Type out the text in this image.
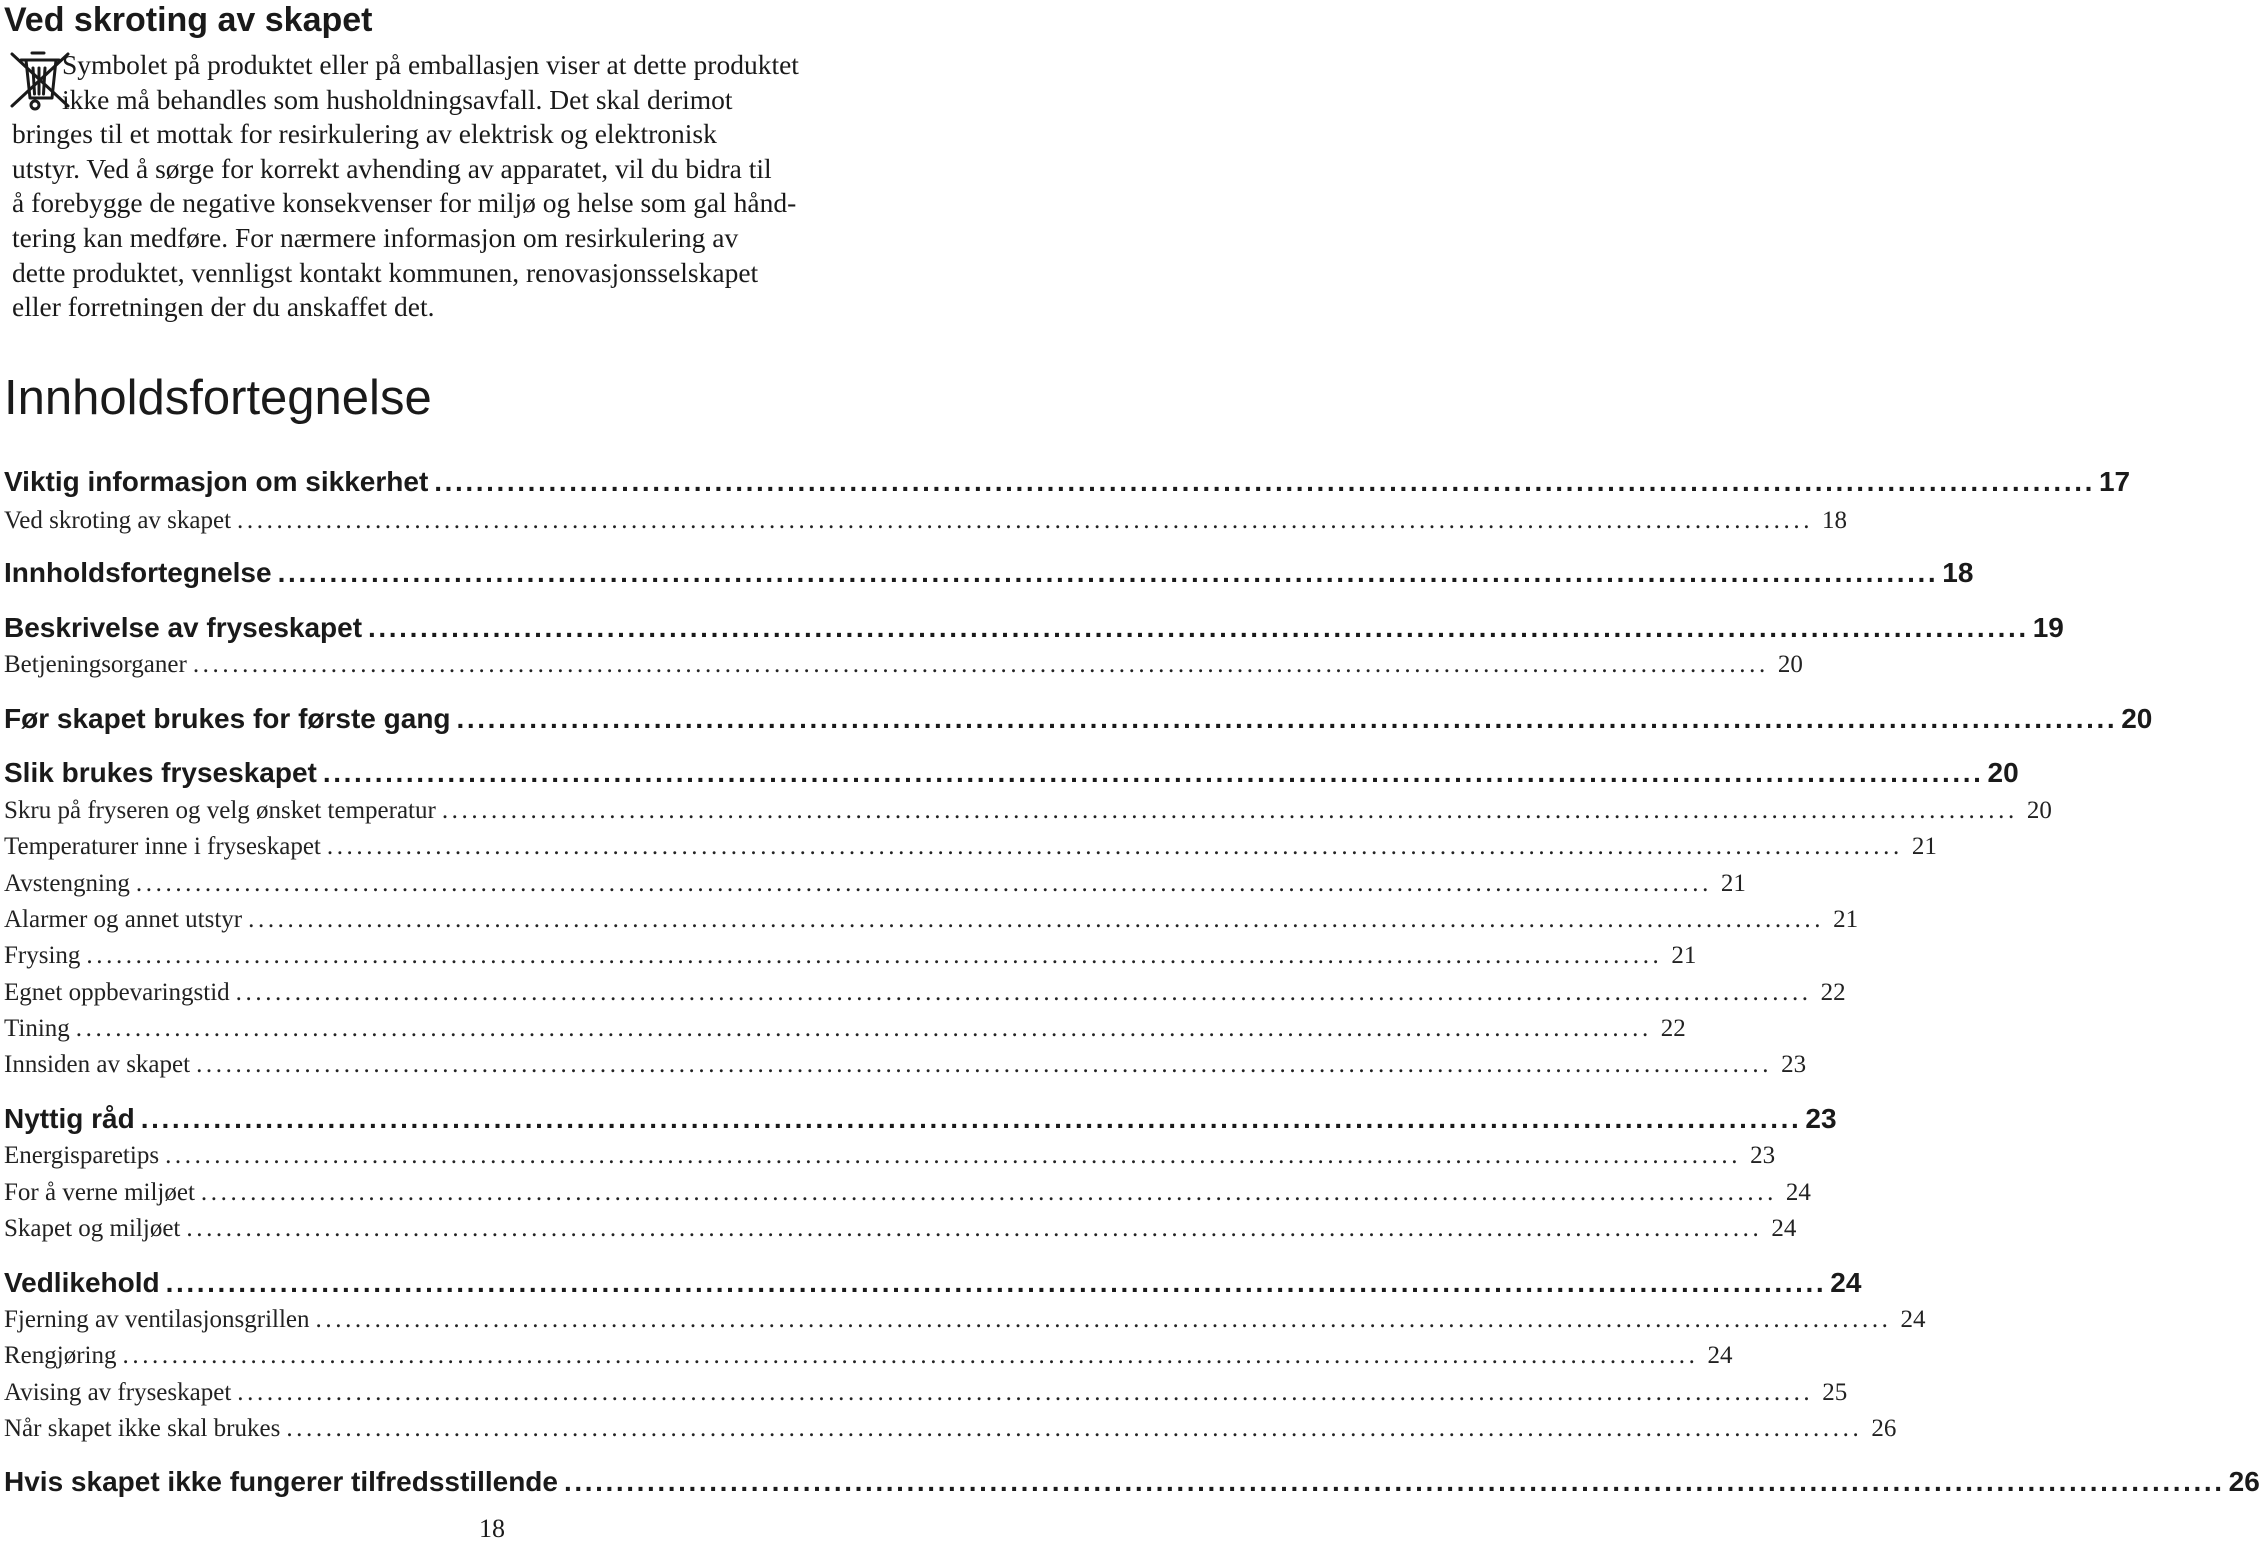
Ved skroting av skapet
Symbolet på produktet eller på emballasjen viser at dette produktet
ikke må behandles som husholdningsavfall. Det skal derimot
bringes til et mottak for resirkulering av elektrisk og elektronisk
utstyr. Ved å sørge for korrekt avhending av apparatet, vil du bidra til
å forebygge de negative konsekvenser for miljø og helse som gal hånd-
tering kan medføre. For nærmere informasjon om resirkulering av
dette produktet, vennligst kontakt kommunen, renovasjonsselskapet
eller forretningen der du anskaffet det.
Innholdsfortegnelse
Viktig informasjon om sikkerhet ................................................................................................................................................................ 17
Ved skroting av skapet ................................................................................................................................................................ 18
Innholdsfortegnelse ................................................................................................................................................................ 18
Beskrivelse av fryseskapet ................................................................................................................................................................ 19
Betjeningsorganer ................................................................................................................................................................ 20
Før skapet brukes for første gang ................................................................................................................................................................ 20
Slik brukes fryseskapet ................................................................................................................................................................ 20
Skru på fryseren og velg ønsket temperatur ................................................................................................................................................................ 20
Temperaturer inne i fryseskapet ................................................................................................................................................................ 21
Avstengning ................................................................................................................................................................ 21
Alarmer og annet utstyr ................................................................................................................................................................ 21
Frysing ................................................................................................................................................................ 21
Egnet oppbevaringstid ................................................................................................................................................................ 22
Tining ................................................................................................................................................................ 22
Innsiden av skapet ................................................................................................................................................................ 23
Nyttig råd ................................................................................................................................................................ 23
Energisparetips ................................................................................................................................................................ 23
For å verne miljøet ................................................................................................................................................................ 24
Skapet og miljøet ................................................................................................................................................................ 24
Vedlikehold ................................................................................................................................................................ 24
Fjerning av ventilasjonsgrillen ................................................................................................................................................................ 24
Rengjøring ................................................................................................................................................................ 24
Avising av fryseskapet ................................................................................................................................................................ 25
Når skapet ikke skal brukes ................................................................................................................................................................ 26
Hvis skapet ikke fungerer tilfredsstillende ................................................................................................................................................................ 26
18
